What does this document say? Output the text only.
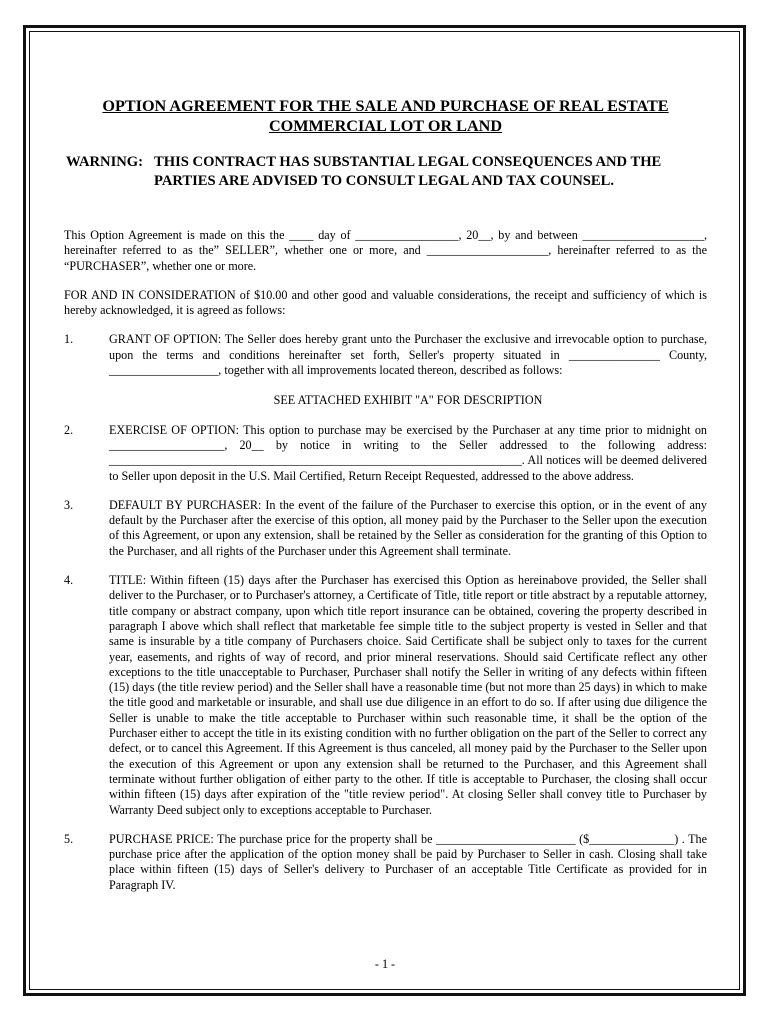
OPTION AGREEMENT FOR THE SALE AND PURCHASE OF REAL ESTATE
COMMERCIAL LOT OR LAND
WARNING: THIS CONTRACT HAS SUBSTANTIAL LEGAL CONSEQUENCES AND THE PARTIES ARE ADVISED TO CONSULT LEGAL AND TAX COUNSEL.

This Option Agreement is made on this the ____ day of _________________, 20__, by and between ____________________, hereinafter referred to as the” SELLER”, whether one or more, and ____________________, hereinafter referred to as the “PURCHASER”, whether one or more.

FOR AND IN CONSIDERATION of $10.00 and other good and valuable considerations, the receipt and sufficiency of which is hereby acknowledged, it is agreed as follows:

1.	GRANT OF OPTION: The Seller does hereby grant unto the Purchaser the exclusive and irrevocable option to purchase, upon the terms and conditions hereinafter set forth, Seller's property situated in _______________ County, __________________, together with all improvements located thereon, described as follows:
SEE ATTACHED EXHIBIT "A" FOR DESCRIPTION
2.	EXERCISE OF OPTION: This option to purchase may be exercised by the Purchaser at any time prior to midnight on ___________________, 20__ by notice in writing to the Seller addressed to the following address: ____________________________________________________________________. All notices will be deemed delivered to Seller upon deposit in the U.S. Mail Certified, Return Receipt Requested, addressed to the above address.
3.	DEFAULT BY PURCHASER: In the event of the failure of the Purchaser to exercise this option, or in the event of any default by the Purchaser after the exercise of this option, all money paid by the Purchaser to the Seller upon the execution of this Agreement, or upon any extension, shall be retained by the Seller as consideration for the granting of this Option to the Purchaser, and all rights of the Purchaser under this Agreement shall terminate.
4.	TITLE: Within fifteen (15) days after the Purchaser has exercised this Option as hereinabove provided, the Seller shall deliver to the Purchaser, or to Purchaser's attorney, a Certificate of Title, title report or title abstract by a reputable attorney, title company or abstract company, upon which title report insurance can be obtained, covering the property described in paragraph I above which shall reflect that marketable fee simple title to the subject property is vested in Seller and that same is insurable by a title company of Purchasers choice. Said Certificate shall be subject only to taxes for the current year, easements, and rights of way of record, and prior mineral reservations. Should said Certificate reflect any other exceptions to the title unacceptable to Purchaser, Purchaser shall notify the Seller in writing of any defects within fifteen (15) days (the title review period) and the Seller shall have a reasonable time (but not more than 25 days) in which to make the title good and marketable or insurable, and shall use due diligence in an effort to do so. If after using due diligence the Seller is unable to make the title acceptable to Purchaser within such reasonable time, it shall be the option of the Purchaser either to accept the title in its existing condition with no further obligation on the part of the Seller to correct any defect, or to cancel this Agreement. If this Agreement is thus canceled, all money paid by the Purchaser to the Seller upon the execution of this Agreement or upon any extension shall be returned to the Purchaser, and this Agreement shall terminate without further obligation of either party to the other. If title is acceptable to Purchaser, the closing shall occur within fifteen (15) days after expiration of the "title review period". At closing Seller shall convey title to Purchaser by Warranty Deed subject only to exceptions acceptable to Purchaser.
5.	PURCHASE PRICE: The purchase price for the property shall be _______________________ ($______________) . The purchase price after the application of the option money shall be paid by Purchaser to Seller in cash. Closing shall take place within fifteen (15) days of Seller's delivery to Purchaser of an acceptable Title Certificate as provided for in Paragraph IV.
- 1 -
